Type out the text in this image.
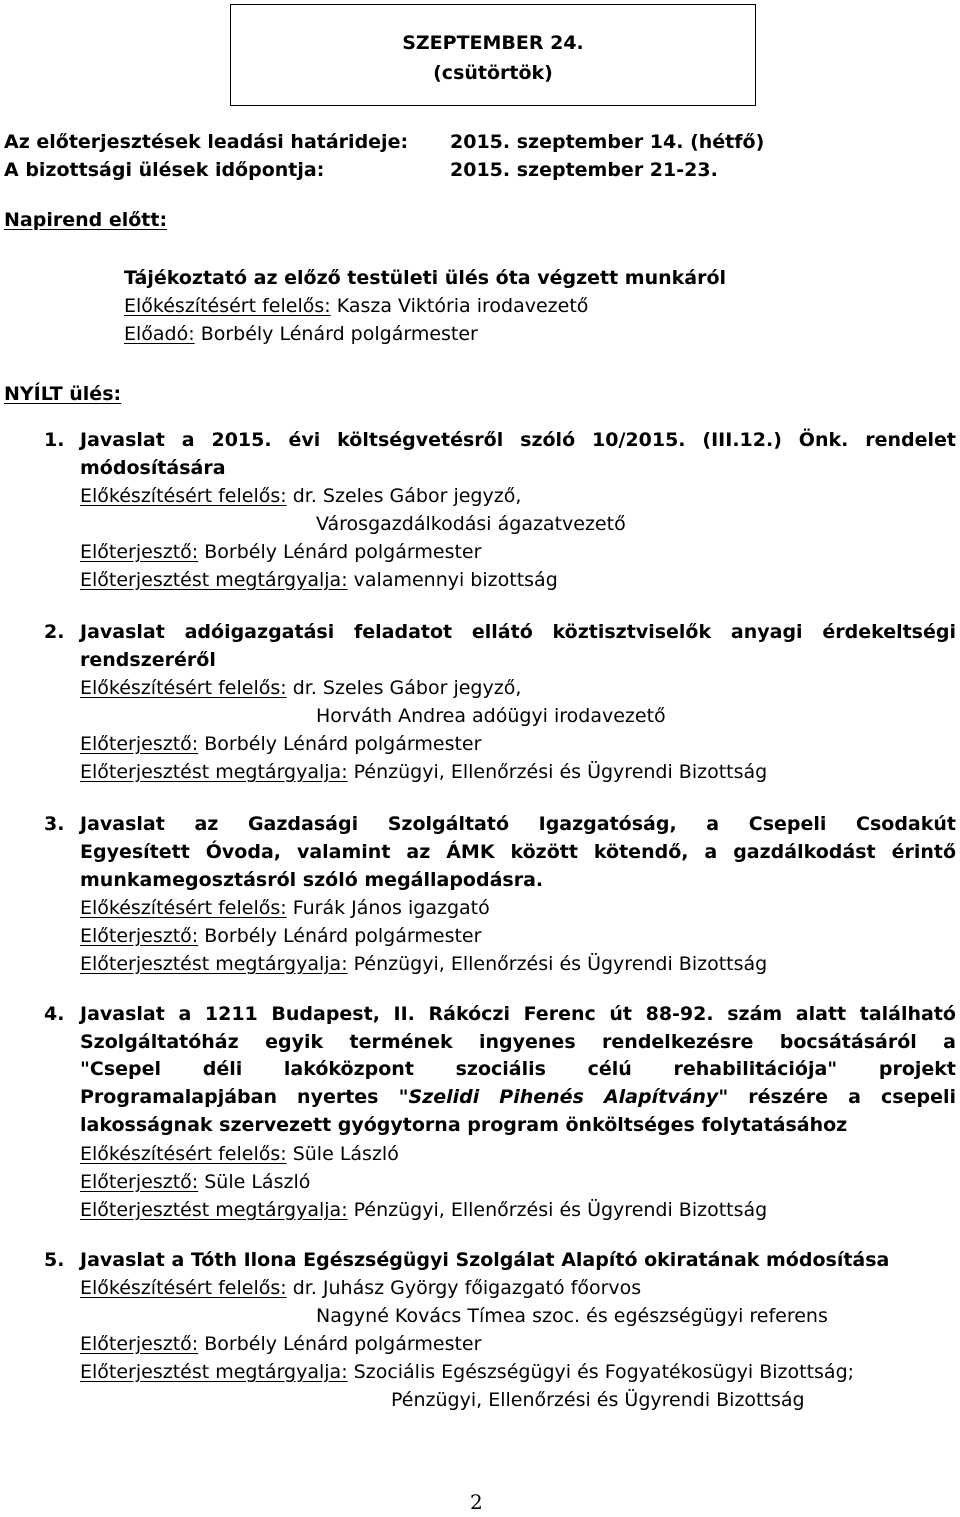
SZEPTEMBER 24.
(csütörtök)
Az előterjesztések leadási határideje: 2015. szeptember 14. (hétfő)
A bizottsági ülések időpontja:	2015. szeptember 21-23.
Napirend előtt:
Tájékoztató az előző testületi ülés óta végzett munkáról
Előkészítésért felelős: Kasza Viktória irodavezető
Előadó: Borbély Lénárd polgármester
NYÍLT ülés:
1. Javaslat a 2015. évi költségvetésről szóló 10/2015. (III.12.) Önk. rendelet
módosítására
Előkészítésért felelős: dr. Szeles Gábor jegyző,
Városgazdálkodási ágazatvezető
Előterjesztő: Borbély Lénárd polgármester
Előterjesztést megtárgyalja: valamennyi bizottság
2. Javaslat adóigazgatási feladatot ellátó köztisztviselők anyagi érdekeltségi
rendszeréről
Előkészítésért felelős: dr. Szeles Gábor jegyző,
Horváth Andrea adóügyi irodavezető
Előterjesztő: Borbély Lénárd polgármester
Előterjesztést megtárgyalja: Pénzügyi, Ellenőrzési és Ügyrendi Bizottság
3. Javaslat az Gazdasági Szolgáltató Igazgatóság, a Csepeli Csodakút
Egyesített Óvoda, valamint az ÁMK között kötendő, a gazdálkodást érintő
munkamegosztásról szóló megállapodásra.
Előkészítésért felelős: Furák János igazgató
Előterjesztő: Borbély Lénárd polgármester
Előterjesztést megtárgyalja: Pénzügyi, Ellenőrzési és Ügyrendi Bizottság
4. Javaslat a 1211 Budapest, II. Rákóczi Ferenc út 88-92. szám alatt található
Szolgáltatóház egyik termének ingyenes rendelkezésre bocsátásáról a
"Csepel déli lakóközpont szociális célú rehabilitációja" projekt
Programalapjában nyertes "Szelidi Pihenés Alapítvány" részére a csepeli
lakosságnak szervezett gyógytorna program önköltséges folytatásához
Előkészítésért felelős: Süle László
Előterjesztő: Süle László
Előterjesztést megtárgyalja: Pénzügyi, Ellenőrzési és Ügyrendi Bizottság
5. Javaslat a Tóth Ilona Egészségügyi Szolgálat Alapító okiratának módosítása
Előkészítésért felelős: dr. Juhász György főigazgató főorvos
Nagyné Kovács Tímea szoc. és egészségügyi referens
Előterjesztő: Borbély Lénárd polgármester
Előterjesztést megtárgyalja: Szociális Egészségügyi és Fogyatékosügyi Bizottság;
Pénzügyi, Ellenőrzési és Ügyrendi Bizottság
2
